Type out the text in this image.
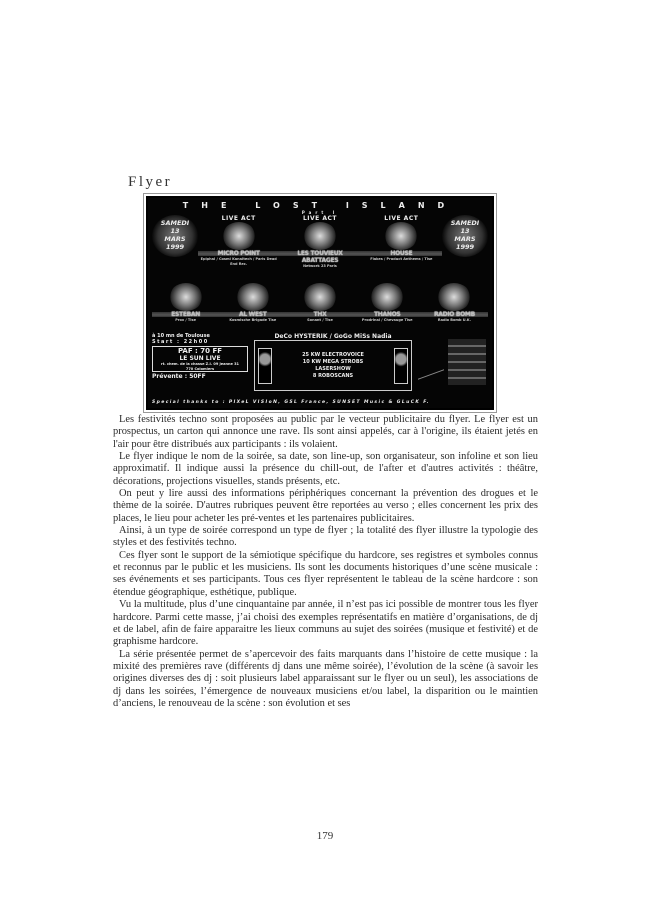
Flyer
THE LOST ISLAND
Part I
SAMEDI
13
MARS
1999
LIVE ACT
MICRO POINT
Epiphal / Cosmi Kanaltech / Paris Dead End Rec.
LIVE ACT
LES TOUVIEUX ABATTAGES
Network 23 Paris
LIVE ACT
HOUSE
Flakes / Product Anthems / Tlse
SAMEDI
13
MARS
1999
ESTEBAN
Prox / Tlse
AL WEST
Kosmische Brigade Tlse
THX
Sonant / Tlse
THANOS
Prodrinal / Chevauge Tlse
RADIO BOMB
Radio Bomb U.K.
à 10 mn de Toulouse
Start : 22h00
PAF : 70 FF
LE SUN LIVE
rt. chem. de la chasse Z.I. 09 Jeanne 31 770 Colomiers
Prévente : 50FF
DeCo HYSTERIK / GoGo MiSs Nadia
25 KW ELECTROVOICE
10 KW MEGA STROBS
LASERSHOW
8 ROBOSCANS
Special thanks to : PIXeL VISIoN, GSL France, SUNSET Music & GLuCK F.

Les festivités techno sont proposées au public par le vecteur publicitaire du flyer. Le flyer est un prospectus, un carton qui annonce une rave. Ils sont ainsi appelés, car à l'origine, ils étaient jetés en l'air pour être distribués aux participants : ils volaient.

Le flyer indique le nom de la soirée, sa date, son line-up, son organisateur, son infoline et son lieu approximatif. Il indique aussi la présence du chill-out, de l'after et d'autres activités : théâtre, décorations, projections visuelles, stands présents, etc.

On peut y lire aussi des informations périphériques concernant la prévention des drogues et le thème de la soirée. D'autres rubriques peuvent être reportées au verso ; elles concernent les prix des places, le lieu pour acheter les pré-ventes et les partenaires publicitaires.

Ainsi, à un type de soirée correspond un type de flyer ; la totalité des flyer illustre la typologie des styles et des festivités techno.

Ces flyer sont le support de la sémiotique spécifique du hardcore, ses registres et symboles connus et reconnus par le public et les musiciens. Ils sont les documents historiques d’une scène musicale : ses événements et ses participants. Tous ces flyer représentent le tableau de la scène hardcore : son étendue géographique, esthétique, publique.

Vu la multitude, plus d’une cinquantaine par année, il n’est pas ici possible de montrer tous les flyer hardcore. Parmi cette masse, j’ai choisi des exemples représentatifs en matière d’organisations, de dj et de label, afin de faire apparaitre les lieux communs au sujet des soirées (musique et festivité) et de graphisme hardcore.

La série présentée permet de s’apercevoir des faits marquants dans l’histoire de cette musique : la mixité des premières rave (différents dj dans une même soirée), l’évolution de la scène (à savoir les origines diverses des dj : soit plusieurs label apparaissant sur le flyer ou un seul), les associations de dj dans les soirées, l’émergence de nouveaux musiciens et/ou label, la disparition ou le maintien d’anciens, le renouveau de la scène : son évolution et ses

179
